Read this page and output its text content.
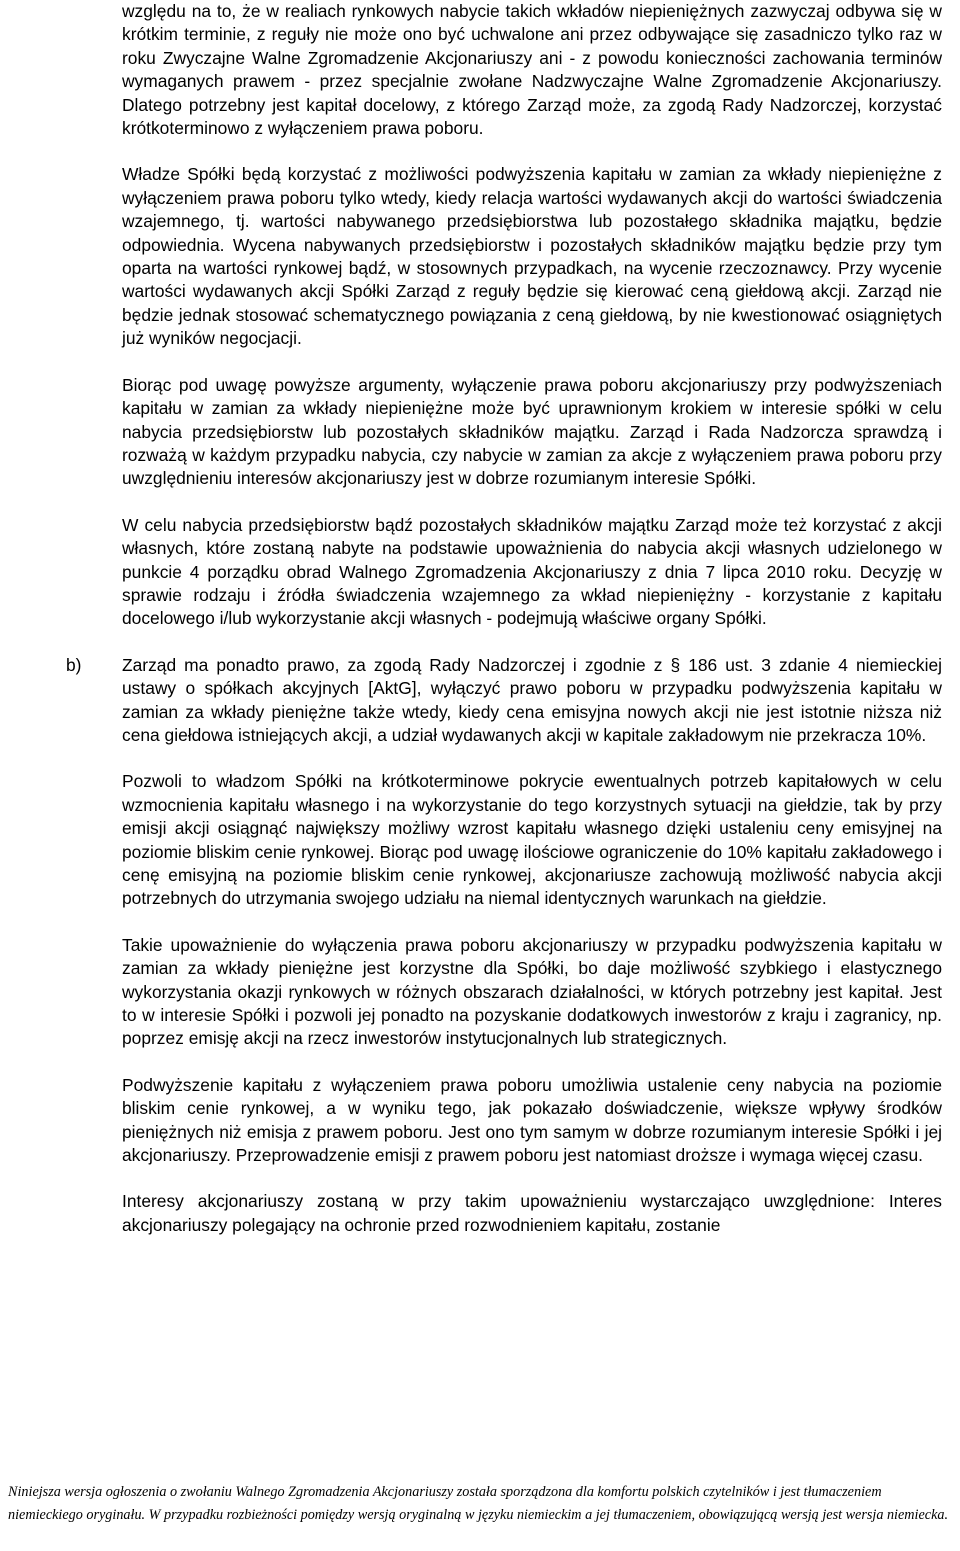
względu na to, że w realiach rynkowych nabycie takich wkładów niepieniężnych zazwyczaj odbywa się w krótkim terminie, z reguły nie może ono być uchwalone ani przez odbywające się zasadniczo tylko raz w roku Zwyczajne Walne Zgromadzenie Akcjonariuszy ani - z powodu konieczności zachowania terminów wymaganych prawem - przez specjalnie zwołane Nadzwyczajne Walne Zgromadzenie Akcjonariuszy. Dlatego potrzebny jest kapitał docelowy, z którego Zarząd może, za zgodą Rady Nadzorczej, korzystać krótkoterminowo z wyłączeniem prawa poboru.

Władze Spółki będą korzystać z możliwości podwyższenia kapitału w zamian za wkłady niepieniężne z wyłączeniem prawa poboru tylko wtedy, kiedy relacja wartości wydawanych akcji do wartości świadczenia wzajemnego, tj. wartości nabywanego przedsiębiorstwa lub pozostałego składnika majątku, będzie odpowiednia. Wycena nabywanych przedsiębiorstw i pozostałych składników majątku będzie przy tym oparta na wartości rynkowej bądź, w stosownych przypadkach, na wycenie rzeczoznawcy. Przy wycenie wartości wydawanych akcji Spółki Zarząd z reguły będzie się kierować ceną giełdową akcji. Zarząd nie będzie jednak stosować schematycznego powiązania z ceną giełdową, by nie kwestionować osiągniętych już wyników negocjacji.

Biorąc pod uwagę powyższe argumenty, wyłączenie prawa poboru akcjonariuszy przy podwyższeniach kapitału w zamian za wkłady niepieniężne może być uprawnionym krokiem w interesie spółki w celu nabycia przedsiębiorstw lub pozostałych składników majątku. Zarząd i Rada Nadzorcza sprawdzą i rozważą w każdym przypadku nabycia, czy nabycie w zamian za akcje z wyłączeniem prawa poboru przy uwzględnieniu interesów akcjonariuszy jest w dobrze rozumianym interesie Spółki.

W celu nabycia przedsiębiorstw bądź pozostałych składników majątku Zarząd może też korzystać z akcji własnych, które zostaną nabyte na podstawie upoważnienia do nabycia akcji własnych udzielonego w punkcie 4 porządku obrad Walnego Zgromadzenia Akcjonariuszy z dnia 7 lipca 2010 roku. Decyzję w sprawie rodzaju i źródła świadczenia wzajemnego za wkład niepieniężny - korzystanie z kapitału docelowego i/lub wykorzystanie akcji własnych - podejmują właściwe organy Spółki.

Zarząd ma ponadto prawo, za zgodą Rady Nadzorczej i zgodnie z § 186 ust. 3 zdanie 4 niemieckiej ustawy o spółkach akcyjnych [AktG], wyłączyć prawo poboru w przypadku podwyższenia kapitału w zamian za wkłady pieniężne także wtedy, kiedy cena emisyjna nowych akcji nie jest istotnie niższa niż cena giełdowa istniejących akcji, a udział wydawanych akcji w kapitale zakładowym nie przekracza 10%.

Pozwoli to władzom Spółki na krótkoterminowe pokrycie ewentualnych potrzeb kapitałowych w celu wzmocnienia kapitału własnego i na wykorzystanie do tego korzystnych sytuacji na giełdzie, tak by przy emisji akcji osiągnąć największy możliwy wzrost kapitału własnego dzięki ustaleniu ceny emisyjnej na poziomie bliskim cenie rynkowej. Biorąc pod uwagę ilościowe ograniczenie do 10% kapitału zakładowego i cenę emisyjną na poziomie bliskim cenie rynkowej, akcjonariusze zachowują możliwość nabycia akcji potrzebnych do utrzymania swojego udziału na niemal identycznych warunkach na giełdzie.

Takie upoważnienie do wyłączenia prawa poboru akcjonariuszy w przypadku podwyższenia kapitału w zamian za wkłady pieniężne jest korzystne dla Spółki, bo daje możliwość szybkiego i elastycznego wykorzystania okazji rynkowych w różnych obszarach działalności, w których potrzebny jest kapitał. Jest to w interesie Spółki i pozwoli jej ponadto na pozyskanie dodatkowych inwestorów z kraju i zagranicy, np. poprzez emisję akcji na rzecz inwestorów instytucjonalnych lub strategicznych.

Podwyższenie kapitału z wyłączeniem prawa poboru umożliwia ustalenie ceny nabycia na poziomie bliskim cenie rynkowej, a w wyniku tego, jak pokazało doświadczenie, większe wpływy środków pieniężnych niż emisja z prawem poboru. Jest ono tym samym w dobrze rozumianym interesie Spółki i jej akcjonariuszy. Przeprowadzenie emisji z prawem poboru jest natomiast droższe i wymaga więcej czasu.

Interesy akcjonariuszy zostaną w przy takim upoważnieniu wystarczająco uwzględnione: Interes akcjonariuszy polegający na ochronie przed rozwodnieniem kapitału, zostanie

b)

Niniejsza wersja ogłoszenia o zwołaniu Walnego Zgromadzenia Akcjonariuszy została sporządzona dla komfortu polskich czytelników i jest tłumaczeniem niemieckiego oryginału. W przypadku rozbieżności pomiędzy wersją oryginalną w języku niemieckim a jej tłumaczeniem, obowiązującą wersją jest wersja niemiecka.
